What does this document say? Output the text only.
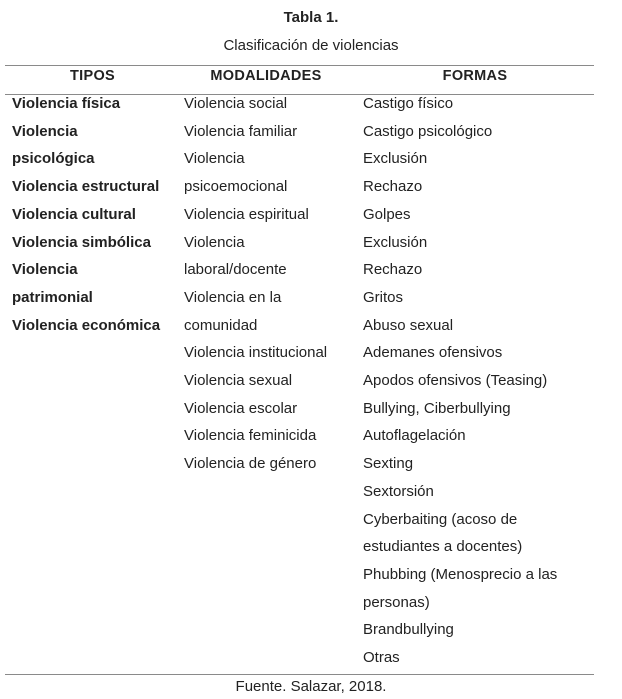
Tabla 1.
Clasificación de violencias
TIPOS	MODALIDADES	FORMAS
Violencia física
Violencia
psicológica
Violencia estructural
Violencia cultural
Violencia simbólica
Violencia
patrimonial
Violencia económica
Violencia social
Violencia familiar
Violencia
psicoemocional
Violencia espiritual
Violencia
laboral/docente
Violencia en la
comunidad
Violencia institucional
Violencia sexual
Violencia escolar
Violencia feminicida
Violencia de género
Castigo físico
Castigo psicológico
Exclusión
Rechazo
Golpes
Exclusión
Rechazo
Gritos
Abuso sexual
Ademanes ofensivos
Apodos ofensivos (Teasing)
Bullying, Ciberbullying
Autoflagelación
Sexting
Sextorsión
Cyberbaiting (acoso de
estudiantes a docentes)
Phubbing (Menosprecio a las
personas)
Brandbullying
Otras
Fuente. Salazar, 2018.
